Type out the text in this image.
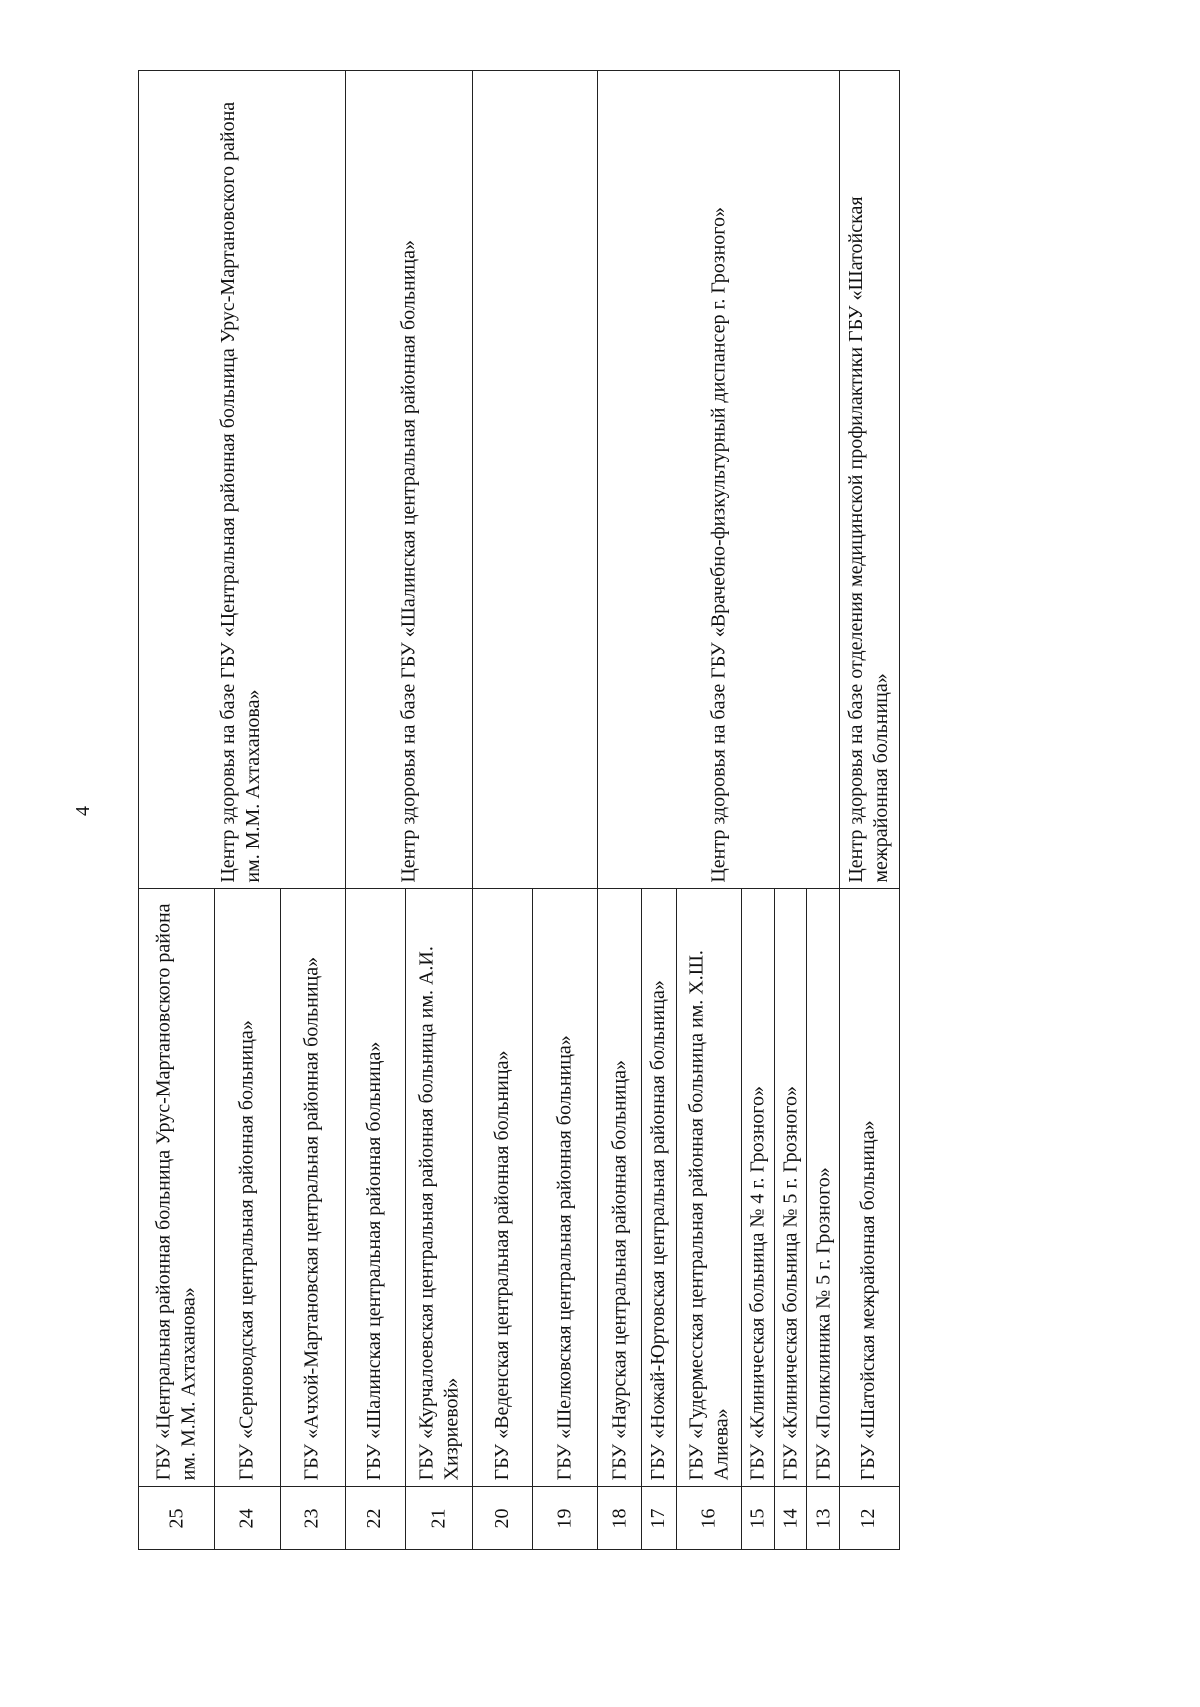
4	Центр здоровья на базе отделения медицинской профилактики ГБУ «Шатойская межрайонная больница»	ГБУ «Шатойская межрайонная больница»	12
Центр здоровья на базе ГБУ «Врачебно-физкультурный диспансер г. Грозного»	ГБУ «Поликлиника № 5 г. Грозного»	13
	ГБУ «Клиническая больница № 5 г. Грозного»	14
	ГБУ «Клиническая больница № 4 г. Грозного»	15
	ГБУ «Гудермесская центральная районная больница им. Х.Ш. Алиева»	16
	ГБУ «Ножай-Юртовская центральная районная больница»	17
	ГБУ «Наурская центральная районная больница»	18
	ГБУ «Шелковская центральная районная больница»	19
	ГБУ «Веденская центральная районная больница»	20
Центр здоровья на базе ГБУ «Шалинская центральная районная больница»	ГБУ «Курчалоевская центральная районная больница им. А.И. Хизриевой»	21
	ГБУ «Шалинская центральная районная больница»	22
Центр здоровья на базе ГБУ «Центральная районная больница Урус-Мартановского района им. М.М. Ахтаханова»	ГБУ «Ачхой-Мартановская центральная районная больница»	23
	ГБУ «Серноводская центральная районная больница»	24
	ГБУ «Центральная районная больница Урус-Мартановского района им. М.М. Ахтаханова»	25
